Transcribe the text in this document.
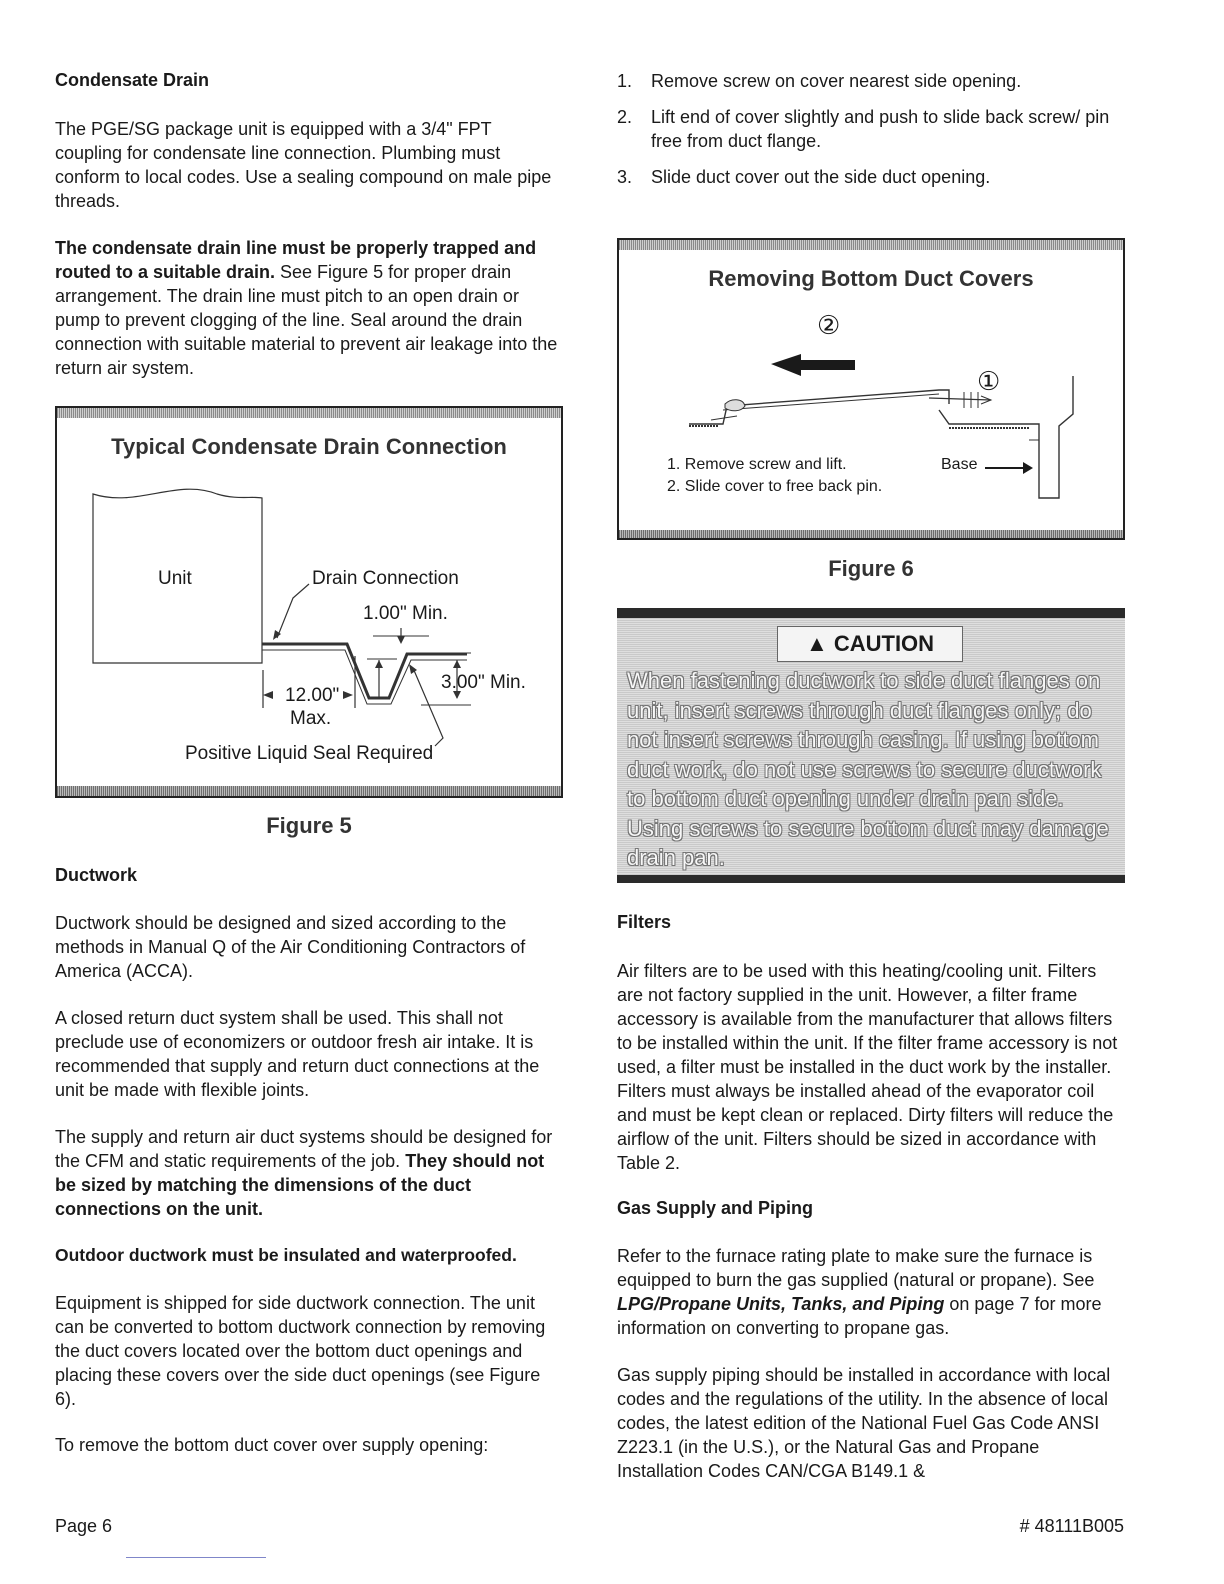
Condensate Drain
The PGE/SG package unit is equipped with a 3/4" FPT coupling for condensate line connection. Plumbing must conform to local codes. Use a sealing compound on male pipe threads.
The condensate drain line must be properly trapped and routed to a suitable drain. See Figure 5 for proper drain arrangement. The drain line must pitch to an open drain or pump to prevent clogging of the line. Seal around the drain connection with suitable material to prevent air leakage into the return air system.
Typical Condensate Drain Connection
Unit	Drain Connection
1.00" Min.
12.00"
Max.
3.00" Min.
Positive Liquid Seal Required
Figure 5
Ductwork
Ductwork should be designed and sized according to the methods in Manual Q of the Air Conditioning Contractors of America (ACCA).
A closed return duct system shall be used. This shall not preclude use of economizers or outdoor fresh air intake. It is recommended that supply and return duct connections at the unit be made with flexible joints.
The supply and return air duct systems should be designed for the CFM and static requirements of the job. They should not be sized by matching the dimensions of the duct connections on the unit.
Outdoor ductwork must be insulated and waterproofed.
Equipment is shipped for side ductwork connection. The unit can be converted to bottom ductwork connection by removing the duct covers located over the bottom duct openings and placing these covers over the side duct openings (see Figure 6).
To remove the bottom duct cover over supply opening:
1. Remove screw on cover nearest side opening.
2. Lift end of cover slightly and push to slide back screw/ pin free from duct flange.
3. Slide duct cover out the side duct opening.
Removing Bottom Duct Covers
②
①
1. Remove screw and lift.
2. Slide cover to free back pin.
Base
Figure 6
▲ CAUTION
When fastening ductwork to side duct flanges on unit, insert screws through duct flanges only; do not insert screws through casing. If using bottom duct work, do not use screws to secure ductwork to bottom duct opening under drain pan side. Using screws to secure bottom duct may damage drain pan.
Filters
Air filters are to be used with this heating/cooling unit. Filters are not factory supplied in the unit. However, a filter frame accessory is available from the manufacturer that allows filters to be installed within the unit. If the filter frame accessory is not used, a filter must be installed in the duct work by the installer. Filters must always be installed ahead of the evaporator coil and must be kept clean or replaced. Dirty filters will reduce the airflow of the unit. Filters should be sized in accordance with Table 2.
Gas Supply and Piping
Refer to the furnace rating plate to make sure the furnace is equipped to burn the gas supplied (natural or propane). See LPG/Propane Units, Tanks, and Piping on page 7 for more information on converting to propane gas.
Gas supply piping should be installed in accordance with local codes and the regulations of the utility. In the absence of local codes, the latest edition of the National Fuel Gas Code ANSI Z223.1 (in the U.S.), or the Natural Gas and Propane Installation Codes CAN/CGA B149.1 &
Page 6	# 48111B005
